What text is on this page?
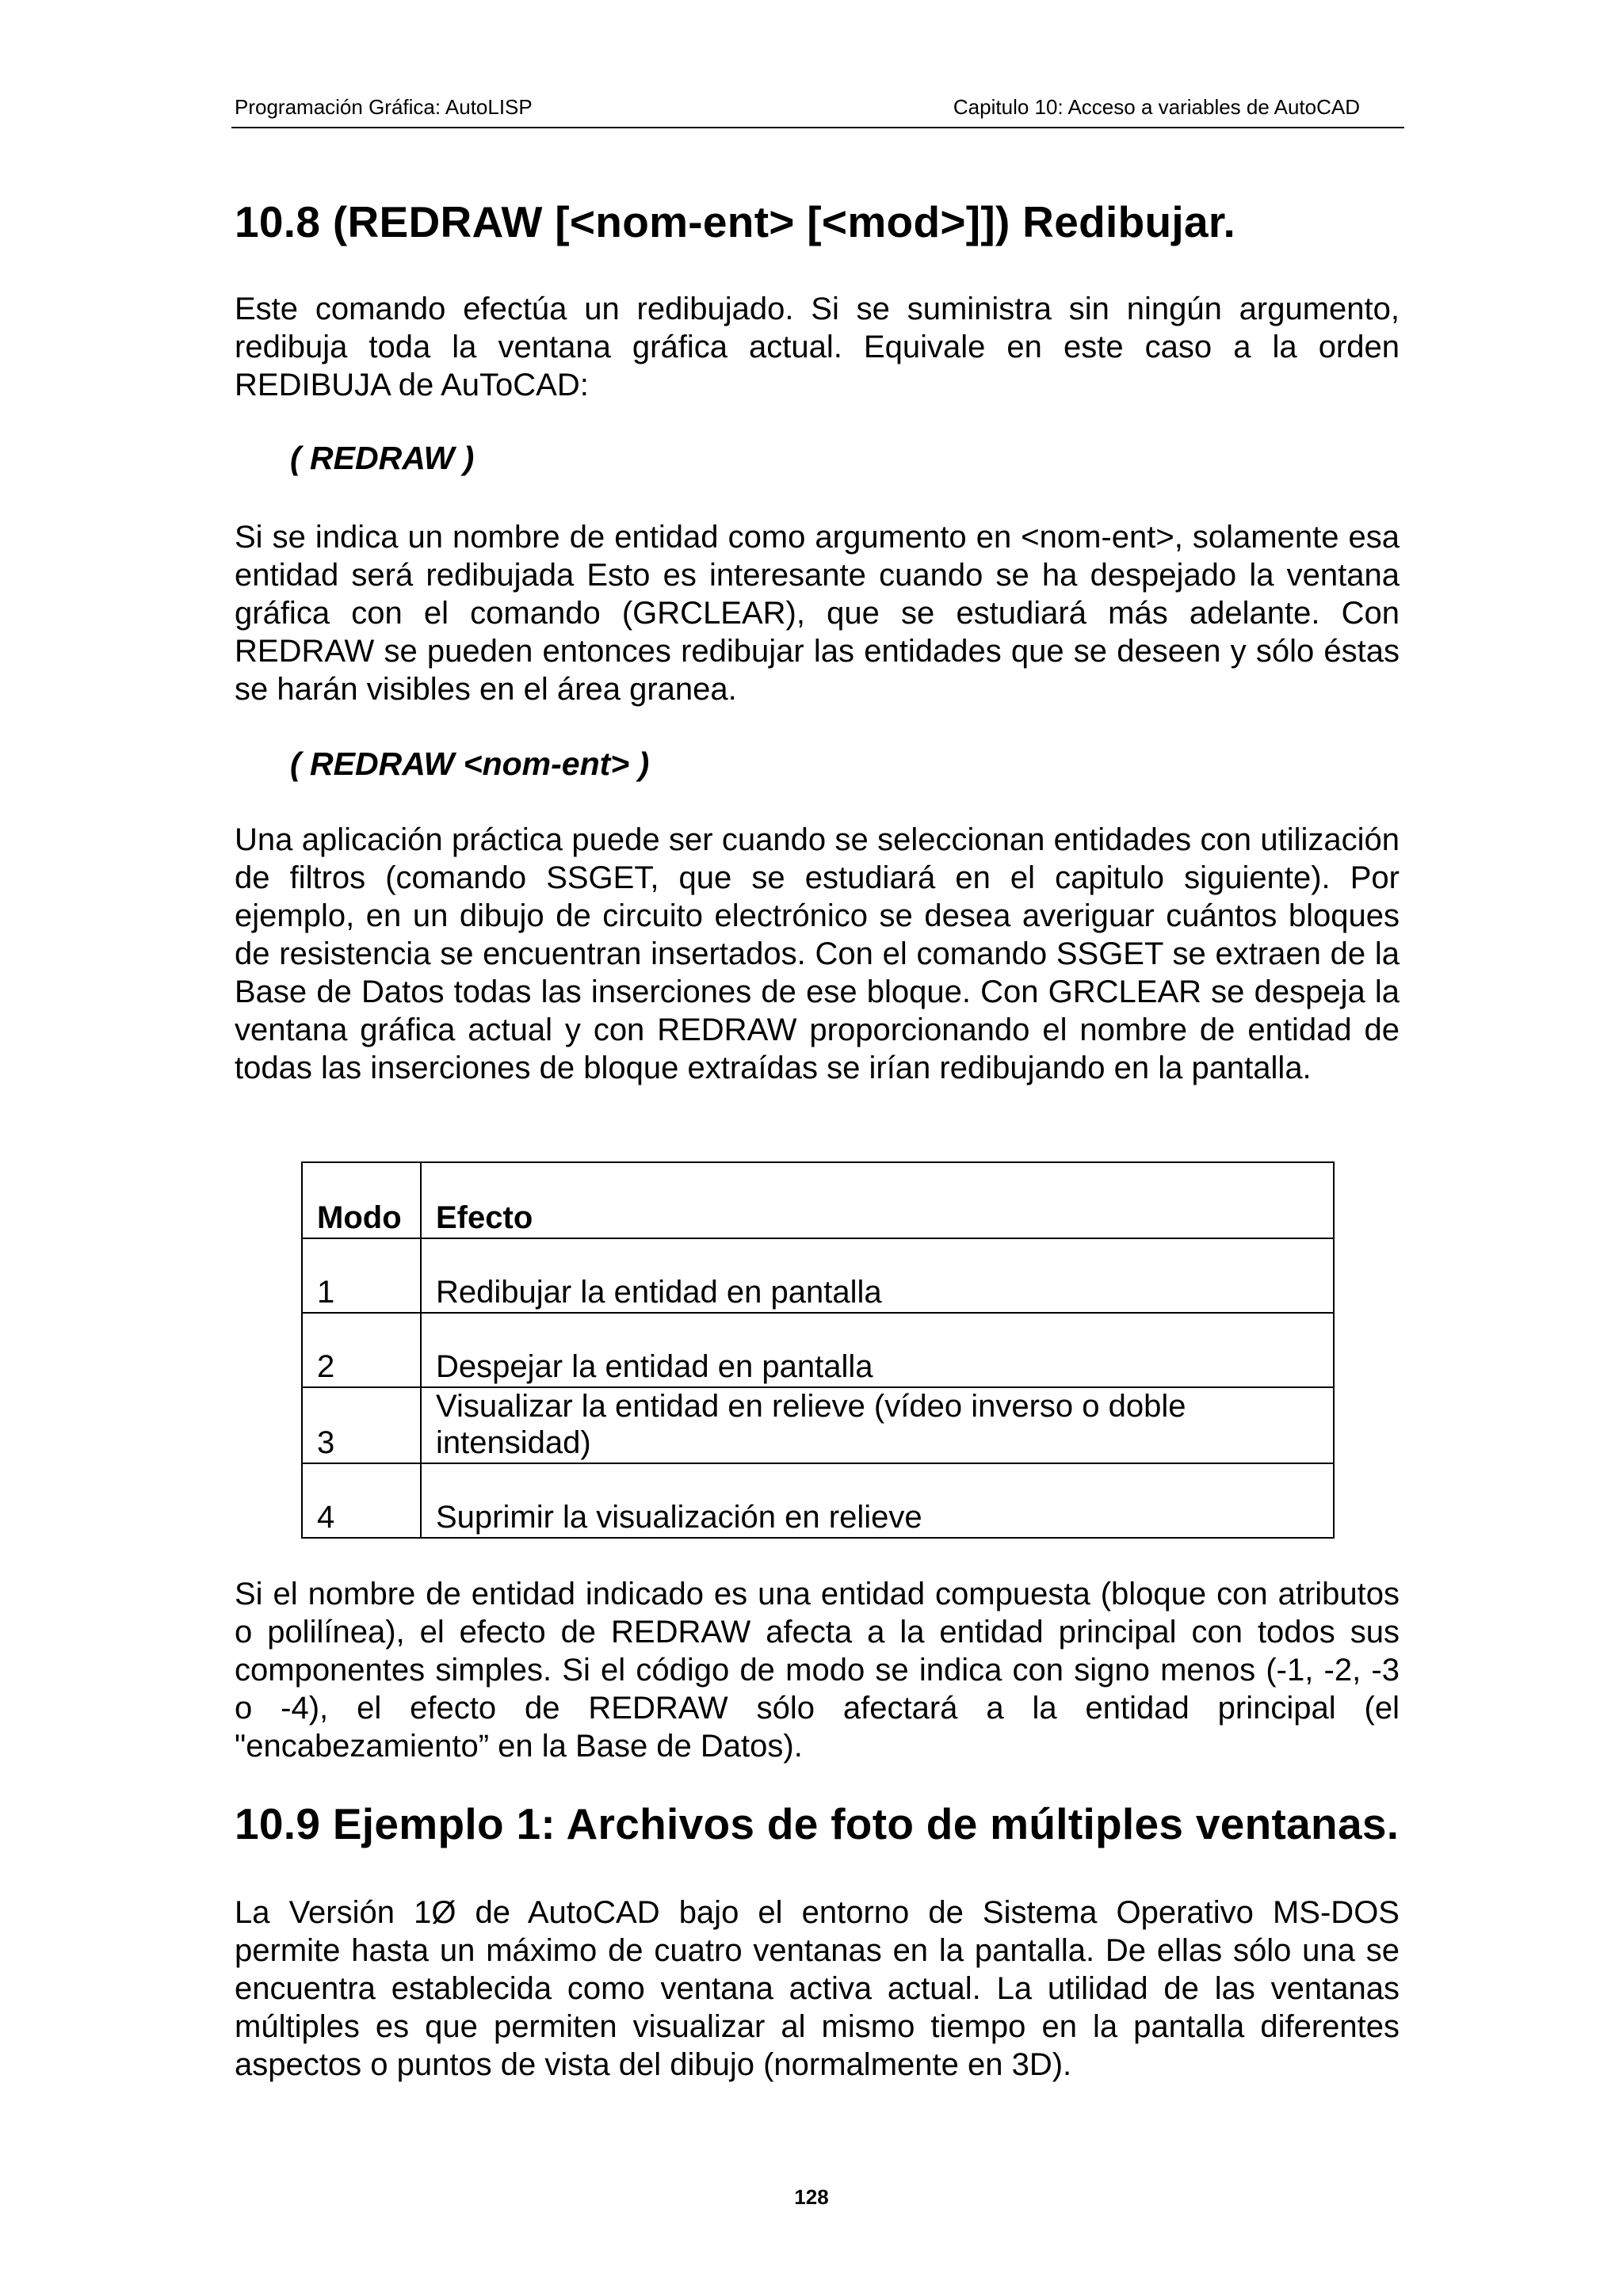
Programación Gráfica: AutoLISP	Capitulo 10: Acceso a variables de AutoCAD
10.8 (REDRAW [<nom-ent> [<mod>]]) Redibujar.

Este comando efectúa un redibujado. Si se suministra sin ningún argumento, redibuja toda la ventana gráfica actual. Equivale en este caso a la orden REDIBUJA de AuToCAD:

( REDRAW )

Si se indica un nombre de entidad como argumento en <nom-ent>, solamente esa entidad será redibujada Esto es interesante cuando se ha despejado la ventana gráfica con el comando (GRCLEAR), que se estudiará más adelante. Con REDRAW se pueden entonces redibujar las entidades que se deseen y sólo éstas se harán visibles en el área granea.

( REDRAW <nom-ent> )

Una aplicación práctica puede ser cuando se seleccionan entidades con utilización de filtros (comando SSGET, que se estudiará en el capitulo siguiente). Por ejemplo, en un dibujo de circuito electrónico se desea averiguar cuántos bloques de resistencia se encuentran insertados. Con el comando SSGET se extraen de la Base de Datos todas las inserciones de ese bloque. Con GRCLEAR se despeja la ventana gráfica actual y con REDRAW proporcionando el nombre de entidad de todas las inserciones de bloque extraídas se irían redibujando en la pantalla.

Si el nombre de entidad indicado es una entidad compuesta (bloque con atributos o polilínea), el efecto de REDRAW afecta a la entidad principal con todos sus componentes simples. Si el código de modo se indica con signo menos (-1, -2, -3 o -4), el efecto de REDRAW sólo afectará a la entidad principal (el "encabezamiento” en la Base de Datos).

10.9 Ejemplo 1: Archivos de foto de múltiples ventanas.

La Versión 1Ø de AutoCAD bajo el entorno de Sistema Operativo MS-DOS permite hasta un máximo de cuatro ventanas en la pantalla. De ellas sólo una se encuentra establecida como ventana activa actual. La utilidad de las ventanas múltiples es que permiten visualizar al mismo tiempo en la pantalla diferentes aspectos o puntos de vista del dibujo (normalmente en 3D).

Modo	Efecto
1	Redibujar la entidad en pantalla
2	Despejar la entidad en pantalla
3	Visualizar la entidad en relieve (vídeo inverso o doble intensidad)
4	Suprimir la visualización en relieve
128
